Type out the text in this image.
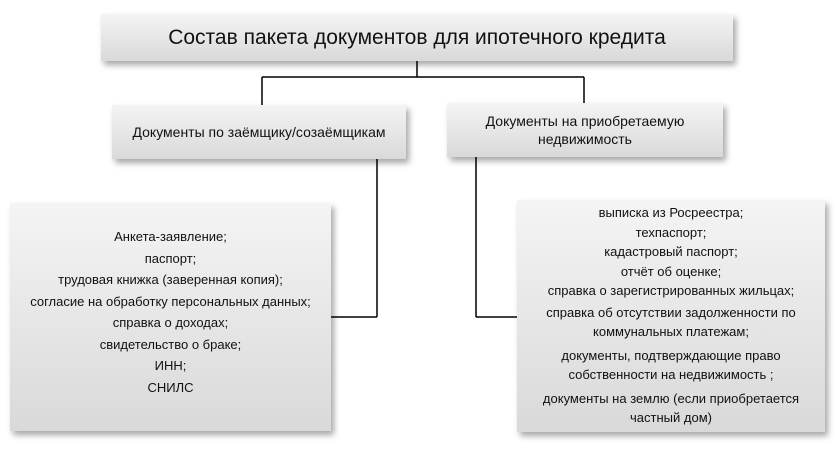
Состав пакета документов для ипотечного кредита
Документы по заёмщику/созаёмщикам
Документы на приобретаемую
недвижимость
Анкета-заявление;
паспорт;
трудовая книжка (заверенная копия);
согласие на обработку персональных данных;
справка о доходах;
свидетельство о браке;
ИНН;
СНИЛС
выписка из Росреестра;
техпаспорт;
кадастровый паспорт;
отчёт об оценке;
справка о зарегистрированных жильцах;
справка об отсутствии задолженности по
коммунальных платежам;
документы, подтверждающие право
собственности на недвижимость ;
документы на землю (если приобретается
частный дом)
